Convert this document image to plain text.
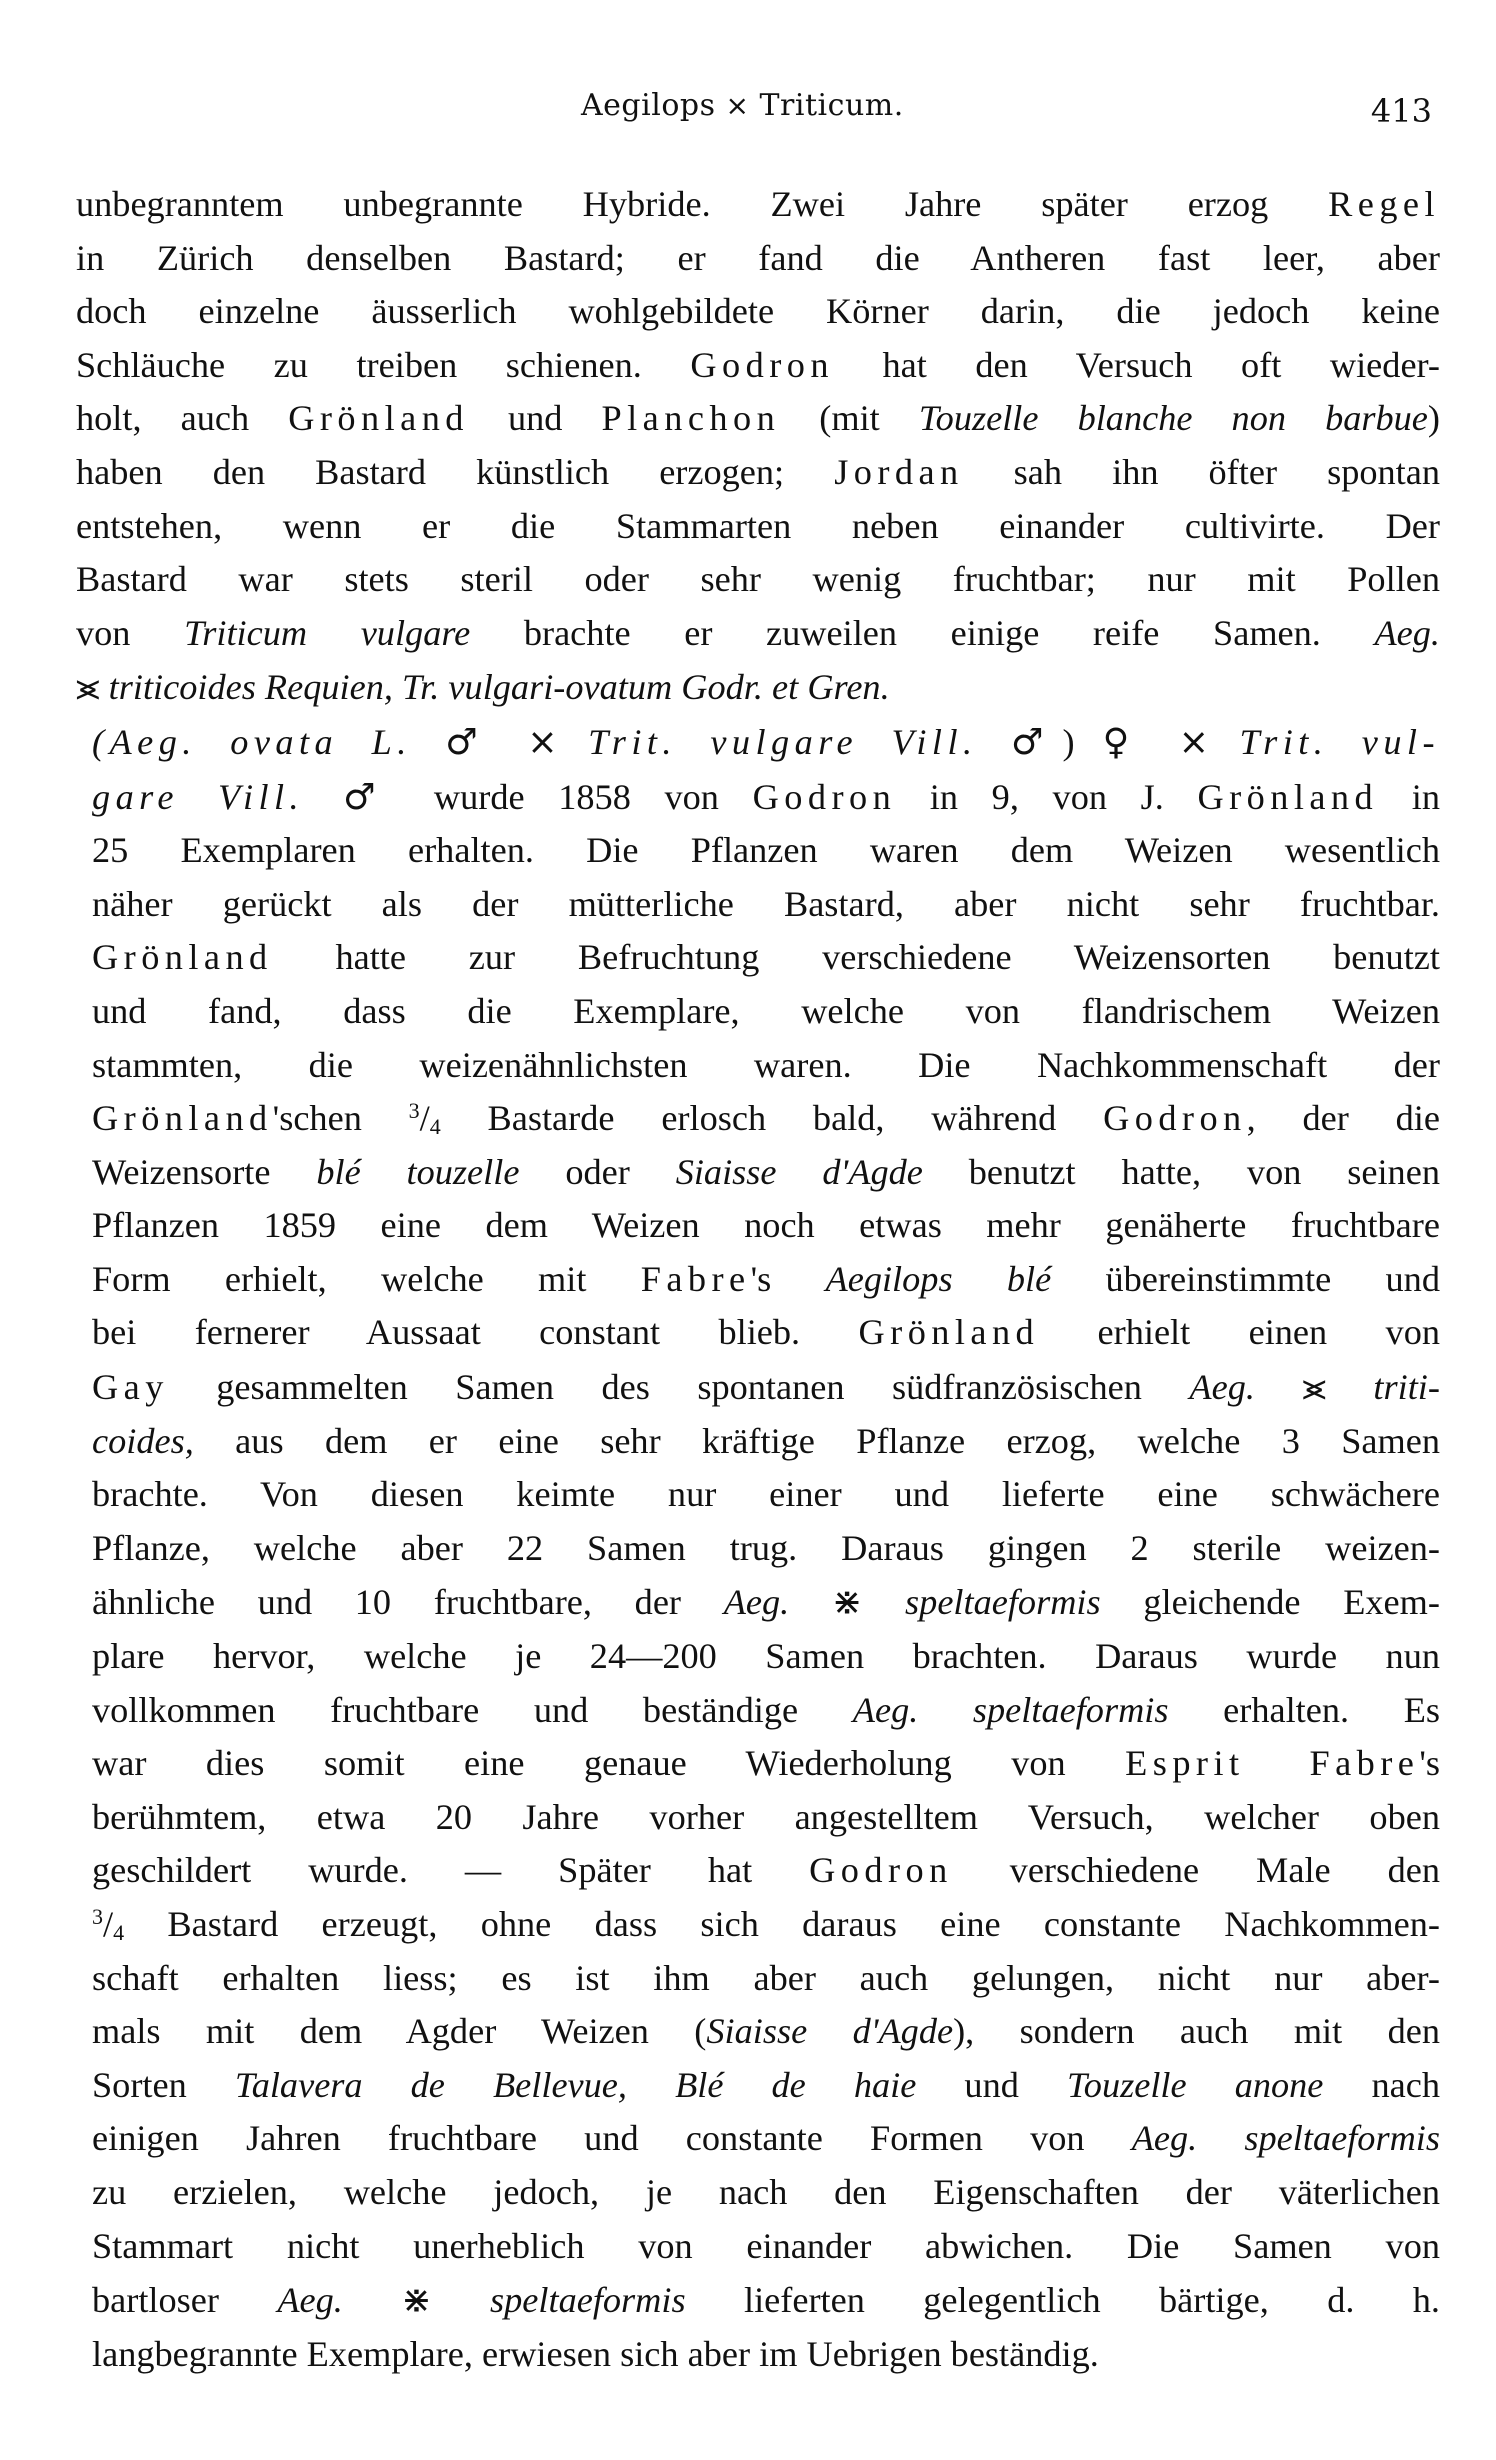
Aegilops × Triticum.	413

unbegranntem unbegrannte Hybride. Zwei Jahre später erzog Regel
in Zürich denselben Bastard; er fand die Antheren fast leer, aber
doch einzelne äusserlich wohlgebildete Körner darin, die jedoch keine
Schläuche zu treiben schienen. Godron hat den Versuch oft wieder-
holt, auch Grönland und Planchon (mit Touzelle blanche non barbue)
haben den Bastard künstlich erzogen; Jordan sah ihn öfter spontan
entstehen, wenn er die Stammarten neben einander cultivirte. Der
Bastard war stets steril oder sehr wenig fruchtbar; nur mit Pollen
von Triticum vulgare brachte er zuweilen einige reife Samen. Aeg.
⪤ triticoides Requien, Tr. vulgari-ovatum Godr. et Gren.

(Aeg. ovata L. ♂ × Trit. vulgare Vill. ♂) ♀ × Trit. vul-
gare Vill. ♂ wurde 1858 von Godron in 9, von J. Grönland in
25 Exemplaren erhalten. Die Pflanzen waren dem Weizen wesentlich
näher gerückt als der mütterliche Bastard, aber nicht sehr fruchtbar.
Grönland hatte zur Befruchtung verschiedene Weizensorten benutzt
und fand, dass die Exemplare, welche von flandrischem Weizen
stammten, die weizenähnlichsten waren. Die Nachkommenschaft der
Grönland'schen $^3/_4$ Bastarde erlosch bald, während Godron, der die
Weizensorte blé touzelle oder Siaisse d'Agde benutzt hatte, von seinen
Pflanzen 1859 eine dem Weizen noch etwas mehr genäherte fruchtbare
Form erhielt, welche mit Fabre's Aegilops blé übereinstimmte und
bei fernerer Aussaat constant blieb. Grönland erhielt einen von
Gay gesammelten Samen des spontanen südfranzösischen Aeg. ⪤ triti-
coides, aus dem er eine sehr kräftige Pflanze erzog, welche 3 Samen
brachte. Von diesen keimte nur einer und lieferte eine schwächere
Pflanze, welche aber 22 Samen trug. Daraus gingen 2 sterile weizen-
ähnliche und 10 fruchtbare, der Aeg. ⋇ speltaeformis gleichende Exem-
plare hervor, welche je 24—200 Samen brachten. Daraus wurde nun
vollkommen fruchtbare und beständige Aeg. speltaeformis erhalten. Es
war dies somit eine genaue Wiederholung von Esprit Fabre's
berühmtem, etwa 20 Jahre vorher angestelltem Versuch, welcher oben
geschildert wurde. — Später hat Godron verschiedene Male den
$^3/_4$ Bastard erzeugt, ohne dass sich daraus eine constante Nachkommen-
schaft erhalten liess; es ist ihm aber auch gelungen, nicht nur aber-
mals mit dem Agder Weizen (Siaisse d'Agde), sondern auch mit den
Sorten Talavera de Bellevue, Blé de haie und Touzelle anone nach
einigen Jahren fruchtbare und constante Formen von Aeg. speltaeformis
zu erzielen, welche jedoch, je nach den Eigenschaften der väterlichen
Stammart nicht unerheblich von einander abwichen. Die Samen von
bartloser Aeg. ⋇ speltaeformis lieferten gelegentlich bärtige, d. h.
langbegrannte Exemplare, erwiesen sich aber im Uebrigen beständig.
